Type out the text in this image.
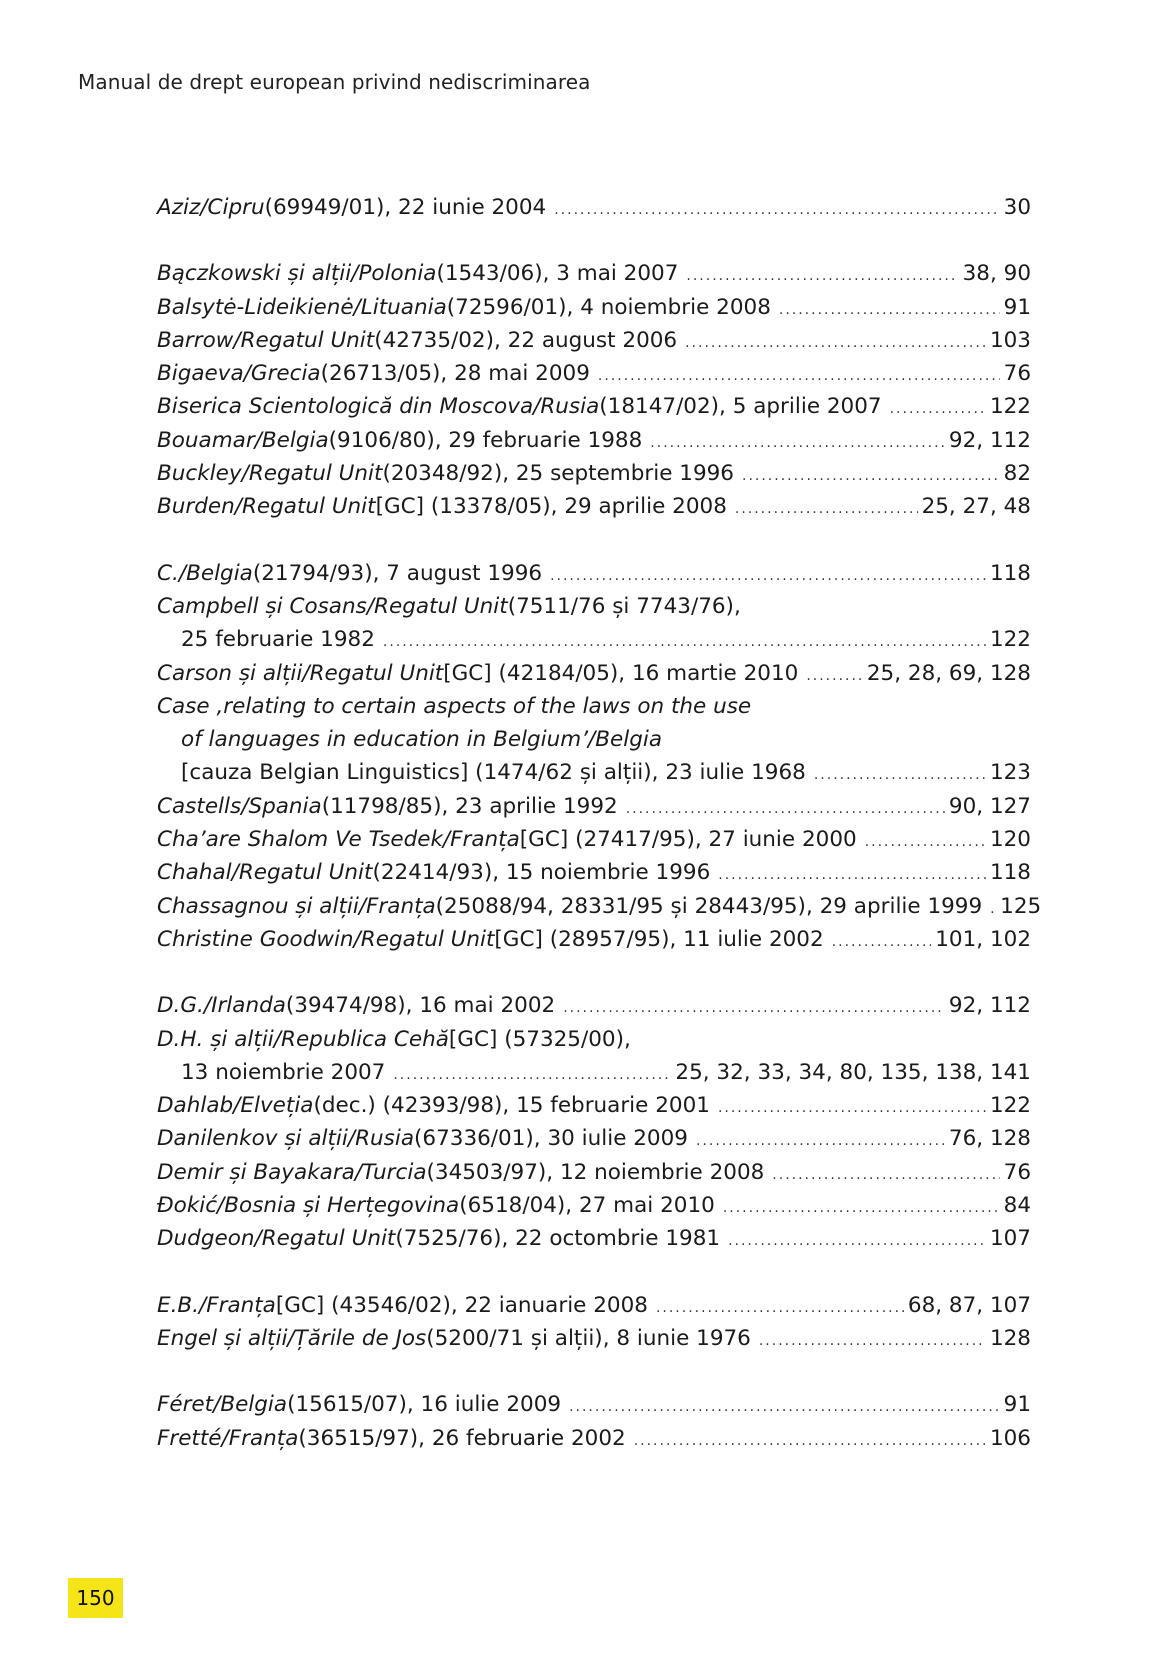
Manual de drept european privind nediscriminarea
Aziz/Cipru (69949/01), 22 iunie 2004 .....	30
Bączkowski și alții/Polonia (1543/06), 3 mai 2007 .....	38, 90
Balsytė-Lideikienė/Lituania (72596/01), 4 noiembrie 2008 .....	91
Barrow/Regatul Unit (42735/02), 22 august 2006 .....	103
Bigaeva/Grecia (26713/05), 28 mai 2009 .....	76
Biserica Scientologică din Moscova/Rusia (18147/02), 5 aprilie 2007 .....	122
Bouamar/Belgia (9106/80), 29 februarie 1988 .....	92, 112
Buckley/Regatul Unit (20348/92), 25 septembrie 1996 .....	82
Burden/Regatul Unit [GC] (13378/05), 29 aprilie 2008 .....	25, 27, 48
C./Belgia (21794/93), 7 august 1996 .....	118
Campbell și Cosans/Regatul Unit (7511/76 și 7743/76),
25 februarie 1982 .....	122
Carson și alții/Regatul Unit [GC] (42184/05), 16 martie 2010 .....	25, 28, 69, 128
Case ‚relating to certain aspects of the laws on the use
of languages in education in Belgium’/Belgia
[cauza Belgian Linguistics] (1474/62 și alții), 23 iulie 1968 .....	123
Castells/Spania (11798/85), 23 aprilie 1992 .....	90, 127
Cha’are Shalom Ve Tsedek/Franța [GC] (27417/95), 27 iunie 2000 .....	120
Chahal/Regatul Unit (22414/93), 15 noiembrie 1996 .....	118
Chassagnou și alții/Franța (25088/94, 28331/95 și 28443/95), 29 aprilie 1999 ..... 125
Christine Goodwin/Regatul Unit [GC] (28957/95), 11 iulie 2002 .....	101, 102
D.G./Irlanda (39474/98), 16 mai 2002 .....	92, 112
D.H. și alții/Republica Cehă [GC] (57325/00),
13 noiembrie 2007 .....	25, 32, 33, 34, 80, 135, 138, 141
Dahlab/Elveția (dec.) (42393/98), 15 februarie 2001 .....	122
Danilenkov și alții/Rusia (67336/01), 30 iulie 2009 .....	76, 128
Demir și Bayakara/Turcia (34503/97), 12 noiembrie 2008 .....	76
Đokić/Bosnia și Herțegovina (6518/04), 27 mai 2010 .....	84
Dudgeon/Regatul Unit (7525/76), 22 octombrie 1981 .....	107
E.B./Franța [GC] (43546/02), 22 ianuarie 2008 .....	68, 87, 107
Engel și alții/Țările de Jos (5200/71 și alții), 8 iunie 1976 .....	128
Féret/Belgia (15615/07), 16 iulie 2009 .....	91
Fretté/Franța (36515/97), 26 februarie 2002 .....	106
150
